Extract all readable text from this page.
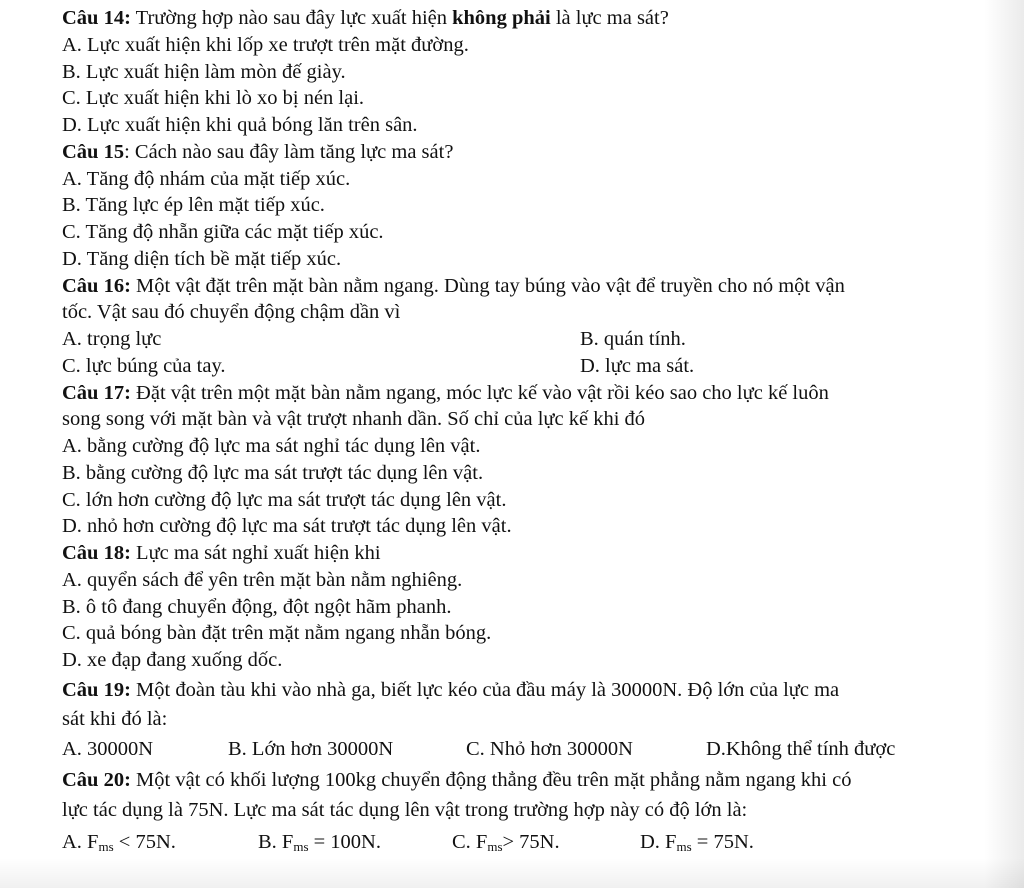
Câu 14: Trường hợp nào sau đây lực xuất hiện không phải là lực ma sát?
A. Lực xuất hiện khi lốp xe trượt trên mặt đường.
B. Lực xuất hiện làm mòn đế giày.
C. Lực xuất hiện khi lò xo bị nén lại.
D. Lực xuất hiện khi quả bóng lăn trên sân.
Câu 15: Cách nào sau đây làm tăng lực ma sát?
A. Tăng độ nhám của mặt tiếp xúc.
B. Tăng lực ép lên mặt tiếp xúc.
C. Tăng độ nhẵn giữa các mặt tiếp xúc.
D. Tăng diện tích bề mặt tiếp xúc.
Câu 16: Một vật đặt trên mặt bàn nằm ngang. Dùng tay búng vào vật để truyền cho nó một vận
tốc. Vật sau đó chuyển động chậm dần vì
A. trọng lực	B. quán tính.
C. lực búng của tay.	D. lực ma sát.
Câu 17: Đặt vật trên một mặt bàn nằm ngang, móc lực kế vào vật rồi kéo sao cho lực kế luôn
song song với mặt bàn và vật trượt nhanh dần. Số chỉ của lực kế khi đó
A. bằng cường độ lực ma sát nghỉ tác dụng lên vật.
B. bằng cường độ lực ma sát trượt tác dụng lên vật.
C. lớn hơn cường độ lực ma sát trượt tác dụng lên vật.
D. nhỏ hơn cường độ lực ma sát trượt tác dụng lên vật.
Câu 18: Lực ma sát nghỉ xuất hiện khi
A. quyển sách để yên trên mặt bàn nằm nghiêng.
B. ô tô đang chuyển động, đột ngột hãm phanh.
C. quả bóng bàn đặt trên mặt nằm ngang nhẵn bóng.
D. xe đạp đang xuống dốc.
Câu 19: Một đoàn tàu khi vào nhà ga, biết lực kéo của đầu máy là 30000N. Độ lớn của lực ma
sát khi đó là:
A. 30000N	B. Lớn hơn 30000N	C. Nhỏ hơn 30000N	D.Không thể tính được
Câu 20: Một vật có khối lượng 100kg chuyển động thẳng đều trên mặt phẳng nằm ngang khi có
lực tác dụng là 75N. Lực ma sát tác dụng lên vật trong trường hợp này có độ lớn là:
A. $F_{ms} < 75N$.	B. $F_{ms} = 100N$.	C. $F_{ms}> 75N$.	D. $F_{ms} = 75N$.
